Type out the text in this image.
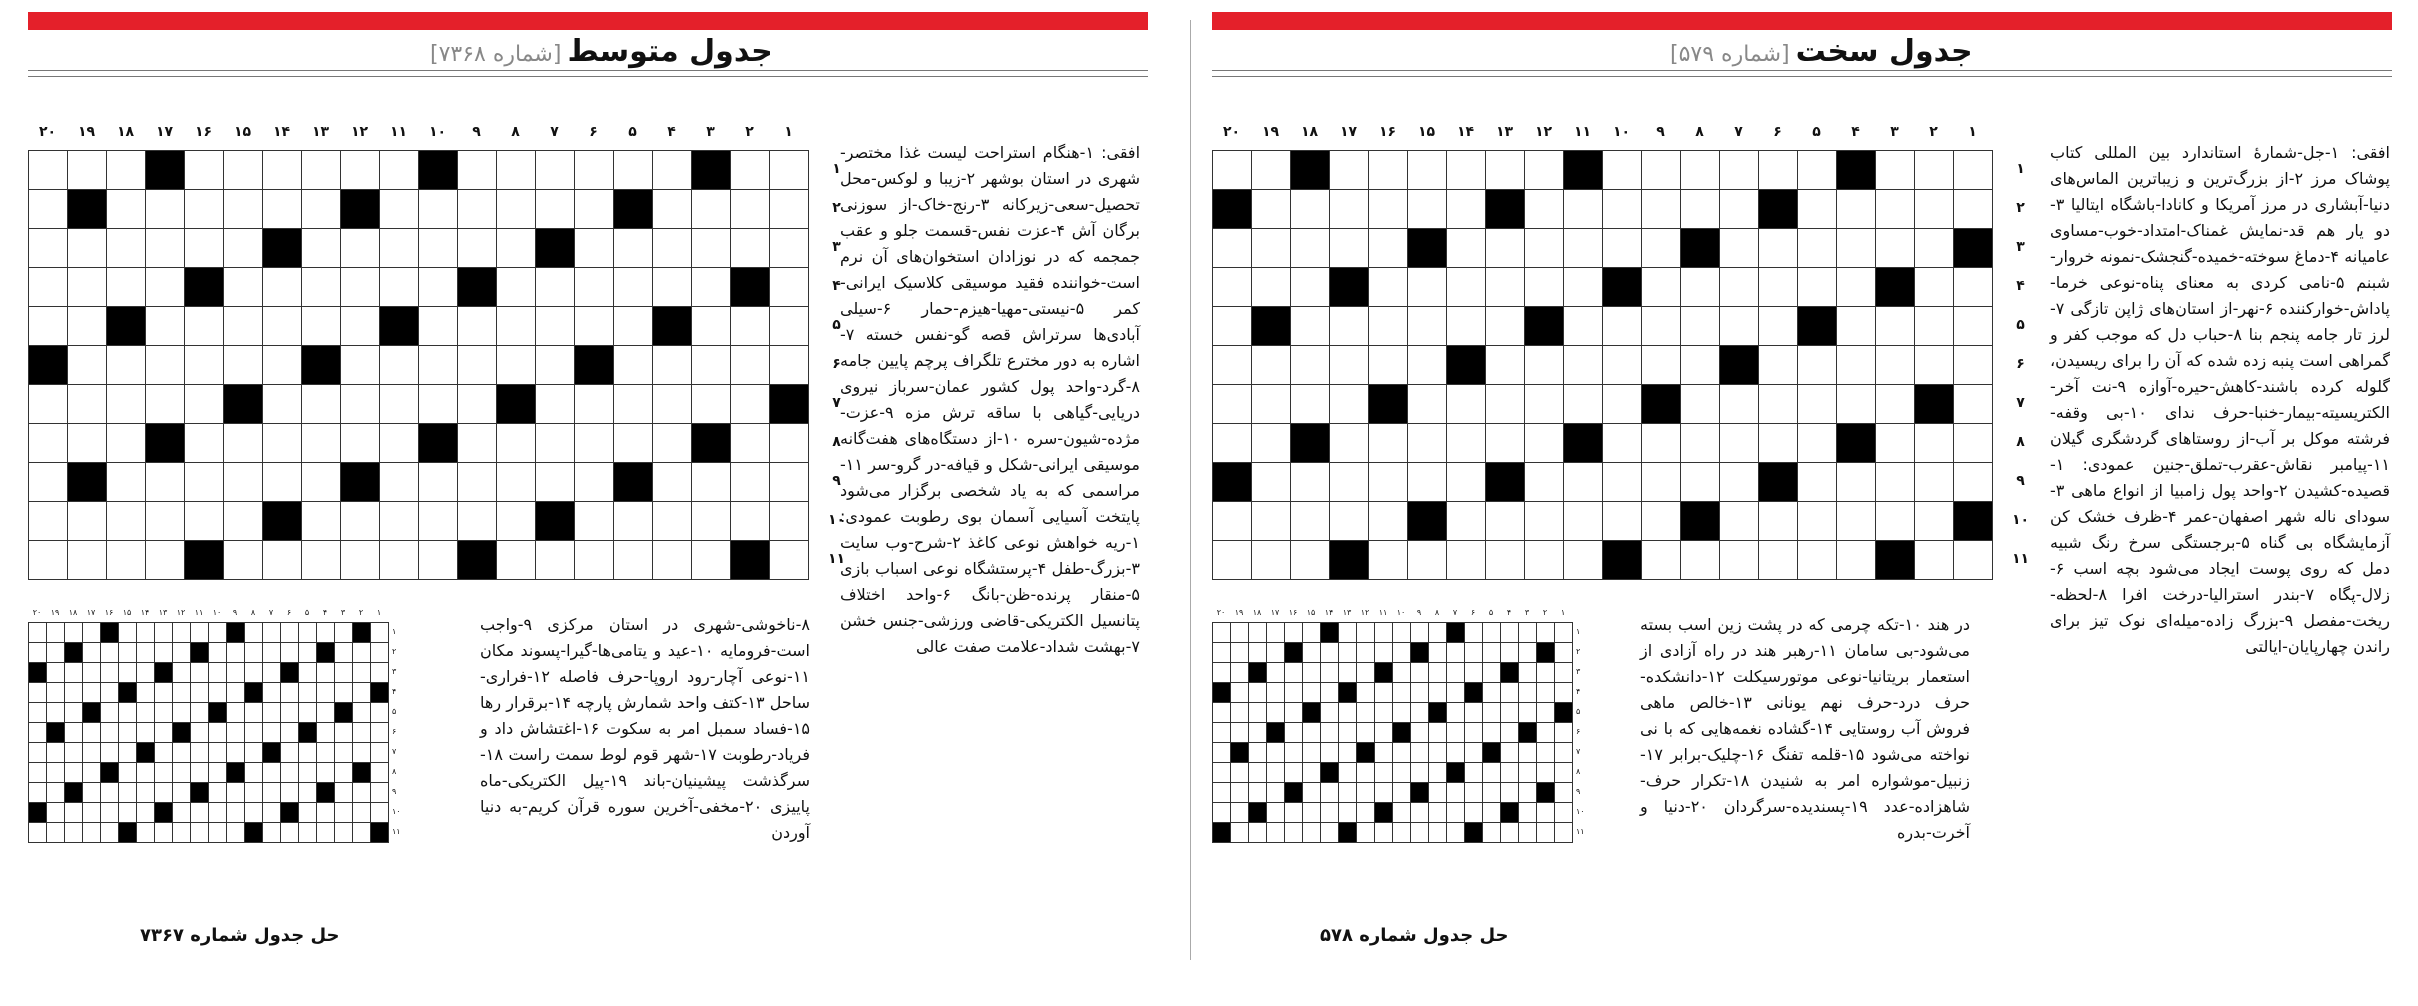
جدول متوسط[شماره ۷۳۶۸]
۱
۲
۳
۴
۵
۶
۷
۸
۹
۱۰
۱۱
۱۲
۱۳
۱۴
۱۵
۱۶
۱۷
۱۸
۱۹
۲۰

۱
۲
۳
۴
۵
۶
۷
۸
۹
۱۰
۱۱
افقی: ۱-هنگام استراحت لیست غذا مختصر-شهری در استان بوشهر ۲-زیبا و لوکس-محل تحصیل-سعی-زیرکانه ۳-رنج-خاک-از سوزنی برگان آش ۴-عزت نفس-قسمت جلو و عقب جمجمه که در نوزادان استخوان‌های آن نرم است-خواننده فقید موسیقی کلاسیک ایرانی-کمر ۵-نیستی-مهیا-هیزم-حمار ۶-سیلی آبادی‌ها سرتراش قصه گو-نفس خسته ۷-اشاره به دور مخترع تلگراف پرچم پایین جامه ۸-گرد-واحد پول کشور عمان-سرباز نیروی دریایی-گیاهی با ساقه ترش مزه ۹-عزت-مژده-شیون-سره ۱۰-از دستگاه‌های هفت‌گانه موسیقی ایرانی-شکل و قیافه-در گرو-سر ۱۱-مراسمی که به یاد شخصی برگزار می‌شود پایتخت آسیایی آسمان بوی رطوبت عمودی: ۱-ریه خواهش نوعی کاغذ ۲-شرح-وب سایت ۳-بزرگ-طفل ۴-پرستشگاه نوعی اسباب بازی ۵-منقار پرنده-ظن-بانگ ۶-واحد اختلاف پتانسیل الکتریکی-قاضی ورزشی-جنس خشن ۷-بهشت شداد-علامت صفت عالی
۱
۲
۳
۴
۵
۶
۷
۸
۹
۱۰
۱۱
۱۲
۱۳
۱۴
۱۵
۱۶
۱۷
۱۸
۱۹
۲۰

۱
۲
۳
۴
۵
۶
۷
۸
۹
۱۰
۱۱
۸-ناخوشی-شهری در استان مرکزی ۹-واجب است-فرومایه ۱۰-عید و یتامی‌ها-گیرا-پسوند مکان ۱۱-نوعی آچار-رود اروپا-حرف فاصله ۱۲-فراری-ساحل ۱۳-کتف واحد شمارش پارچه ۱۴-برقرار رها ۱۵-فساد سمبل امر به سکوت ۱۶-اغتشاش داد و فریاد-رطوبت ۱۷-شهر قوم لوط سمت راست ۱۸-سرگذشت پیشینیان-باند ۱۹-پیل الکتریکی-ماه پاییزی ۲۰-مخفی-آخرین سوره قرآن کریم-به دنیا آوردن
حل جدول شماره ۷۳۶۷
جدول سخت[شماره ۵۷۹]
۱
۲
۳
۴
۵
۶
۷
۸
۹
۱۰
۱۱
۱۲
۱۳
۱۴
۱۵
۱۶
۱۷
۱۸
۱۹
۲۰

۱
۲
۳
۴
۵
۶
۷
۸
۹
۱۰
۱۱
افقی: ۱-جل-شمارهٔ استاندارد بین المللی کتاب پوشاک مرز ۲-از بزرگ‌ترین و زیباترین الماس‌های دنیا-آبشاری در مرز آمریکا و کانادا-باشگاه ایتالیا ۳-دو یار هم قد-نمایش غمناک-امتداد-خوب-مساوی عامیانه ۴-دماغ سوخته-خمیده-گنجشک-نمونه خروار-شبنم ۵-نامی کردی به معنای پناه-نوعی خرما-پاداش-خوارکننده ۶-نهر-از استان‌های ژاپن تازگی ۷-لرز تار جامه پنجم بنا ۸-حباب دل که موجب کفر و گمراهی است پنبه زده شده که آن را برای ریسیدن، گلوله کرده باشند-کاهش-حیره-آوازه ۹-نت آخر-الکتریسیته-بیمار-خنبا-حرف ندای ۱۰-بی وقفه-فرشته موکل بر آب-از روستاهای گردشگری گیلان ۱۱-پیامبر نقاش-عقرب-تملق-جنین عمودی: ۱-قصیده-کشیدن ۲-واحد پول زامبیا از انواع ماهی ۳-سودای ناله شهر اصفهان-عمر ۴-ظرف خشک کن آزمایشگاه بی گناه ۵-برجستگی سرخ رنگ شبیه دمل که روی پوست ایجاد می‌شود بچه اسب ۶-زلال-پگاه ۷-بندر استرالیا-درخت افرا ۸-لحظه-ریخت-مفصل ۹-بزرگ زاده-میله‌ای نوک تیز برای راندن چهارپایان-ایالتی
۱
۲
۳
۴
۵
۶
۷
۸
۹
۱۰
۱۱
۱۲
۱۳
۱۴
۱۵
۱۶
۱۷
۱۸
۱۹
۲۰

۱
۲
۳
۴
۵
۶
۷
۸
۹
۱۰
۱۱
در هند ۱۰-تکه چرمی که در پشت زین اسب بسته می‌شود-بی سامان ۱۱-رهبر هند در راه آزادی از استعمار بریتانیا-نوعی موتورسیکلت ۱۲-دانشکده-حرف درد-حرف نهم یونانی ۱۳-خالص ماهی فروش آب روستایی ۱۴-گشاده نغمه‌هایی که با نی نواخته می‌شود ۱۵-قلمه تفنگ ۱۶-چلیک-برابر ۱۷-زنبیل-موشواره امر به شنیدن ۱۸-تکرار حرف-شاهزاده-عدد ۱۹-پسندیده-سرگردان ۲۰-دنیا و آخرت-بدره
حل جدول شماره ۵۷۸
